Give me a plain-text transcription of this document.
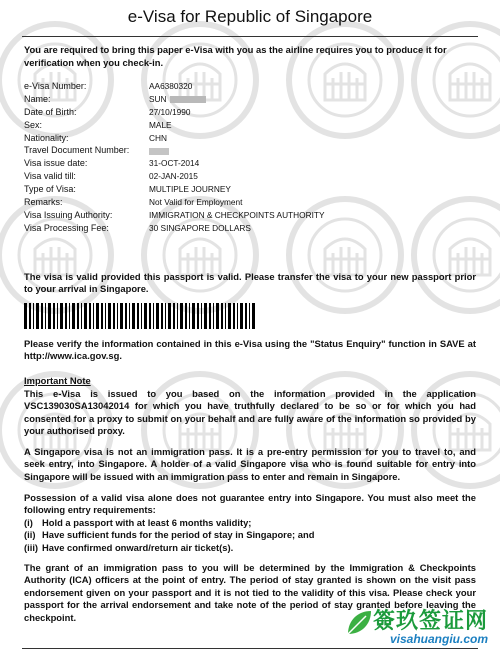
e-Visa for Republic of Singapore
You are required to bring this paper e-Visa with you as the airline requires you to produce it for verification when you check-in.
e-Visa Number:	AA6380320
Name:	SUN
Date of Birth:	27/10/1990
Sex:	MALE
Nationality:	CHN
Travel Document Number:
Visa issue date:	31-OCT-2014
Visa valid till:	02-JAN-2015
Type of Visa:	MULTIPLE JOURNEY
Remarks:	Not Valid for Employment
Visa Issuing Authority:	IMMIGRATION & CHECKPOINTS AUTHORITY
Visa Processing Fee:	30 SINGAPORE DOLLARS
The visa is valid provided this passport is valid. Please transfer the visa to your new passport prior to your arrival in Singapore.
Please verify the information contained in this e-Visa using the "Status Enquiry" function in SAVE at http://www.ica.gov.sg.
Important Note
This e-Visa is issued to you based on the information provided in the application VSC139030SA13042014 for which you have truthfully declared to be so or for which you had consented for a proxy to submit on your behalf and are fully aware of the information so provided by your authorised proxy.
A Singapore visa is not an immigration pass. It is a pre-entry permission for you to travel to, and seek entry, into Singapore. A holder of a valid Singapore visa who is found suitable for entry into Singapore will be issued with an immigration pass to enter and remain in Singapore.
Possession of a valid visa alone does not guarantee entry into Singapore. You must also meet the following entry requirements:
(i) Hold a passport with at least 6 months validity;
(ii) Have sufficient funds for the period of stay in Singapore; and
(iii) Have confirmed onward/return air ticket(s).
The grant of an immigration pass to you will be determined by the Immigration & Checkpoints Authority (ICA) officers at the point of entry. The period of stay granted is shown on the visit pass endorsement given on your passport and it is not tied to the validity of this visa. Please check your passport for the arrival endorsement and take note of the period of stay granted before leaving the checkpoint.	簽玖签证网
visahuangiu.com
